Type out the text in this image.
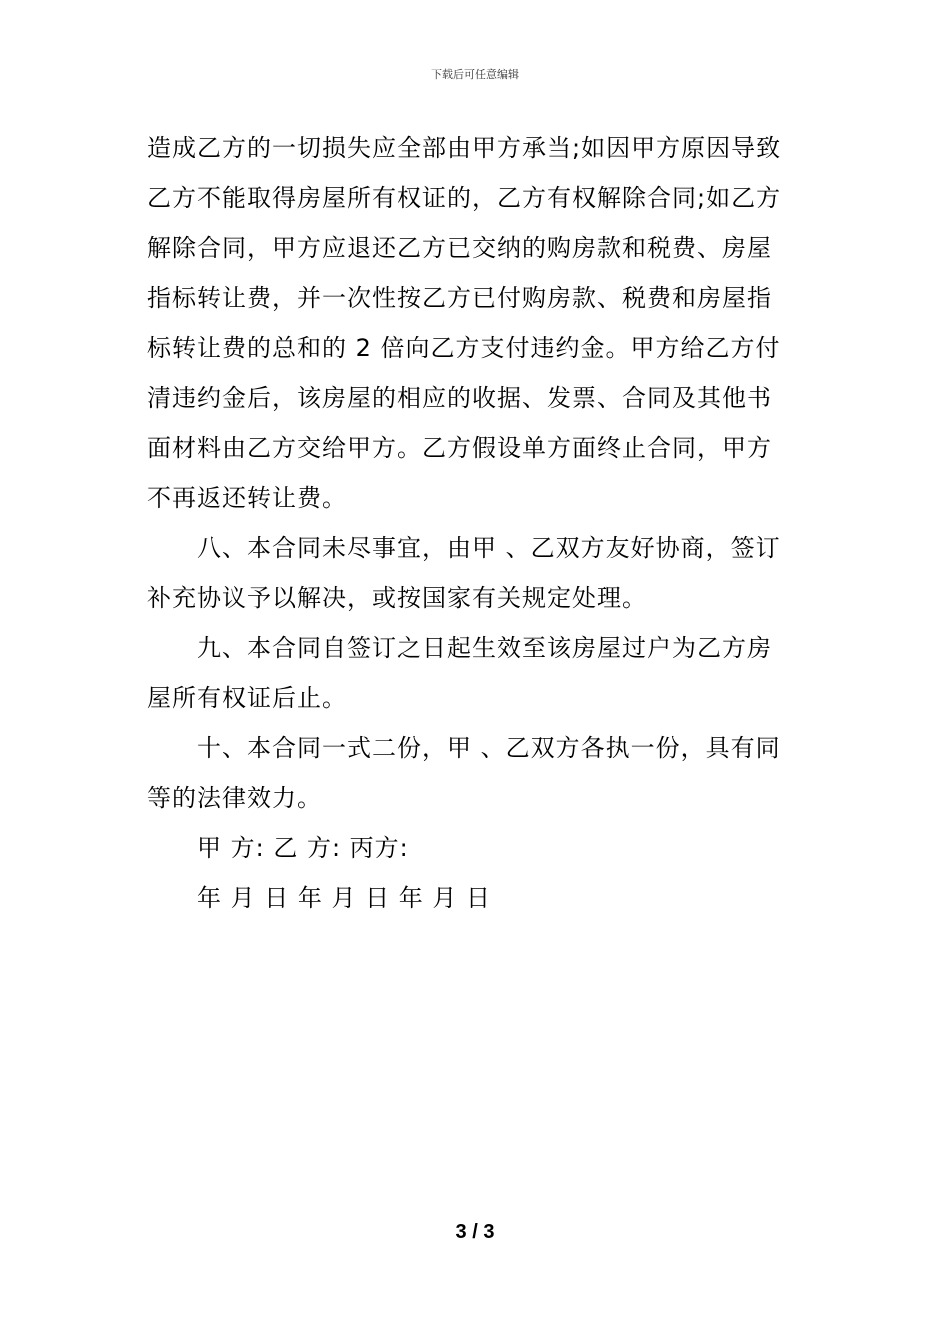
下载后可任意编辑
造成乙方的一切损失应全部由甲方承当;如因甲方原因导致
乙方不能取得房屋所有权证的，乙方有权解除合同;如乙方
解除合同，甲方应退还乙方已交纳的购房款和税费、房屋
指标转让费，并一次性按乙方已付购房款、税费和房屋指
标转让费的总和的 2 倍向乙方支付违约金。甲方给乙方付
清违约金后，该房屋的相应的收据、发票、合同及其他书
面材料由乙方交给甲方。乙方假设单方面终止合同，甲方
不再返还转让费。
八、本合同未尽事宜，由甲 、乙双方友好协商，签订
补充协议予以解决，或按国家有关规定处理。
九、本合同自签订之日起生效至该房屋过户为乙方房
屋所有权证后止。
十、本合同一式二份，甲 、乙双方各执一份，具有同
等的法律效力。
甲 方: 乙 方: 丙方:
年 月 日 年 月 日 年 月 日
3 / 3
